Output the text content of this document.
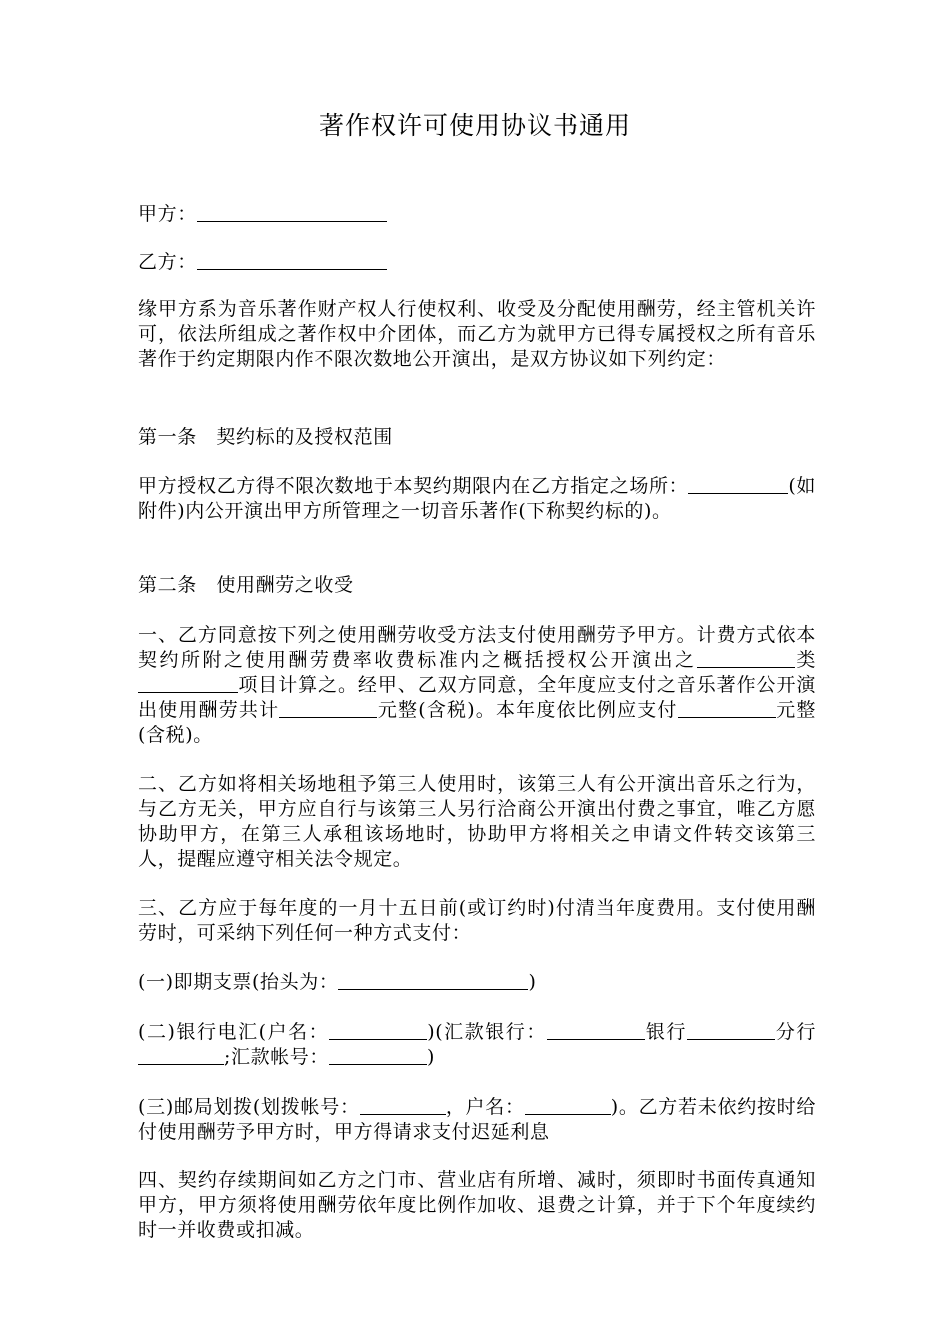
著作权许可使用协议书通用
甲方：
乙方：
缘甲方系为音乐著作财产权人行使权利、收受及分配使用酬劳，经主管机关许可，依法所组成之著作权中介团体，而乙方为就甲方已得专属授权之所有音乐著作于约定期限内作不限次数地公开演出，是双方协议如下列约定：
第一条　契约标的及授权范围
甲方授权乙方得不限次数地于本契约期限内在乙方指定之场所：	(如附件)内公开演出甲方所管理之一切音乐著作(下称契约标的)。
第二条　使用酬劳之收受
一、乙方同意按下列之使用酬劳收受方法支付使用酬劳予甲方。计费方式依本契约所附之使用酬劳费率收费标准内之概括授权公开演出之	类项目计算之。经甲、乙双方同意，全年度应支付之音乐著作公开演出使用酬劳共计	元整(含税)。本年度依比例应支付	元整(含税)。
二、乙方如将相关场地租予第三人使用时，该第三人有公开演出音乐之行为，与乙方无关，甲方应自行与该第三人另行洽商公开演出付费之事宜，唯乙方愿协助甲方，在第三人承租该场地时，协助甲方将相关之申请文件转交该第三人，提醒应遵守相关法令规定。
三、乙方应于每年度的一月十五日前(或订约时)付清当年度费用。支付使用酬劳时，可采纳下列任何一种方式支付：
(一)即期支票(抬头为：	)
(二)银行电汇(户名：	)(汇款银行：	银行	分行;汇款帐号：	)
(三)邮局划拨(划拨帐号：	，户名：	)。乙方若未依约按时给付使用酬劳予甲方时，甲方得请求支付迟延利息
四、契约存续期间如乙方之门市、营业店有所增、减时，须即时书面传真通知甲方，甲方须将使用酬劳依年度比例作加收、退费之计算，并于下个年度续约时一并收费或扣减。
